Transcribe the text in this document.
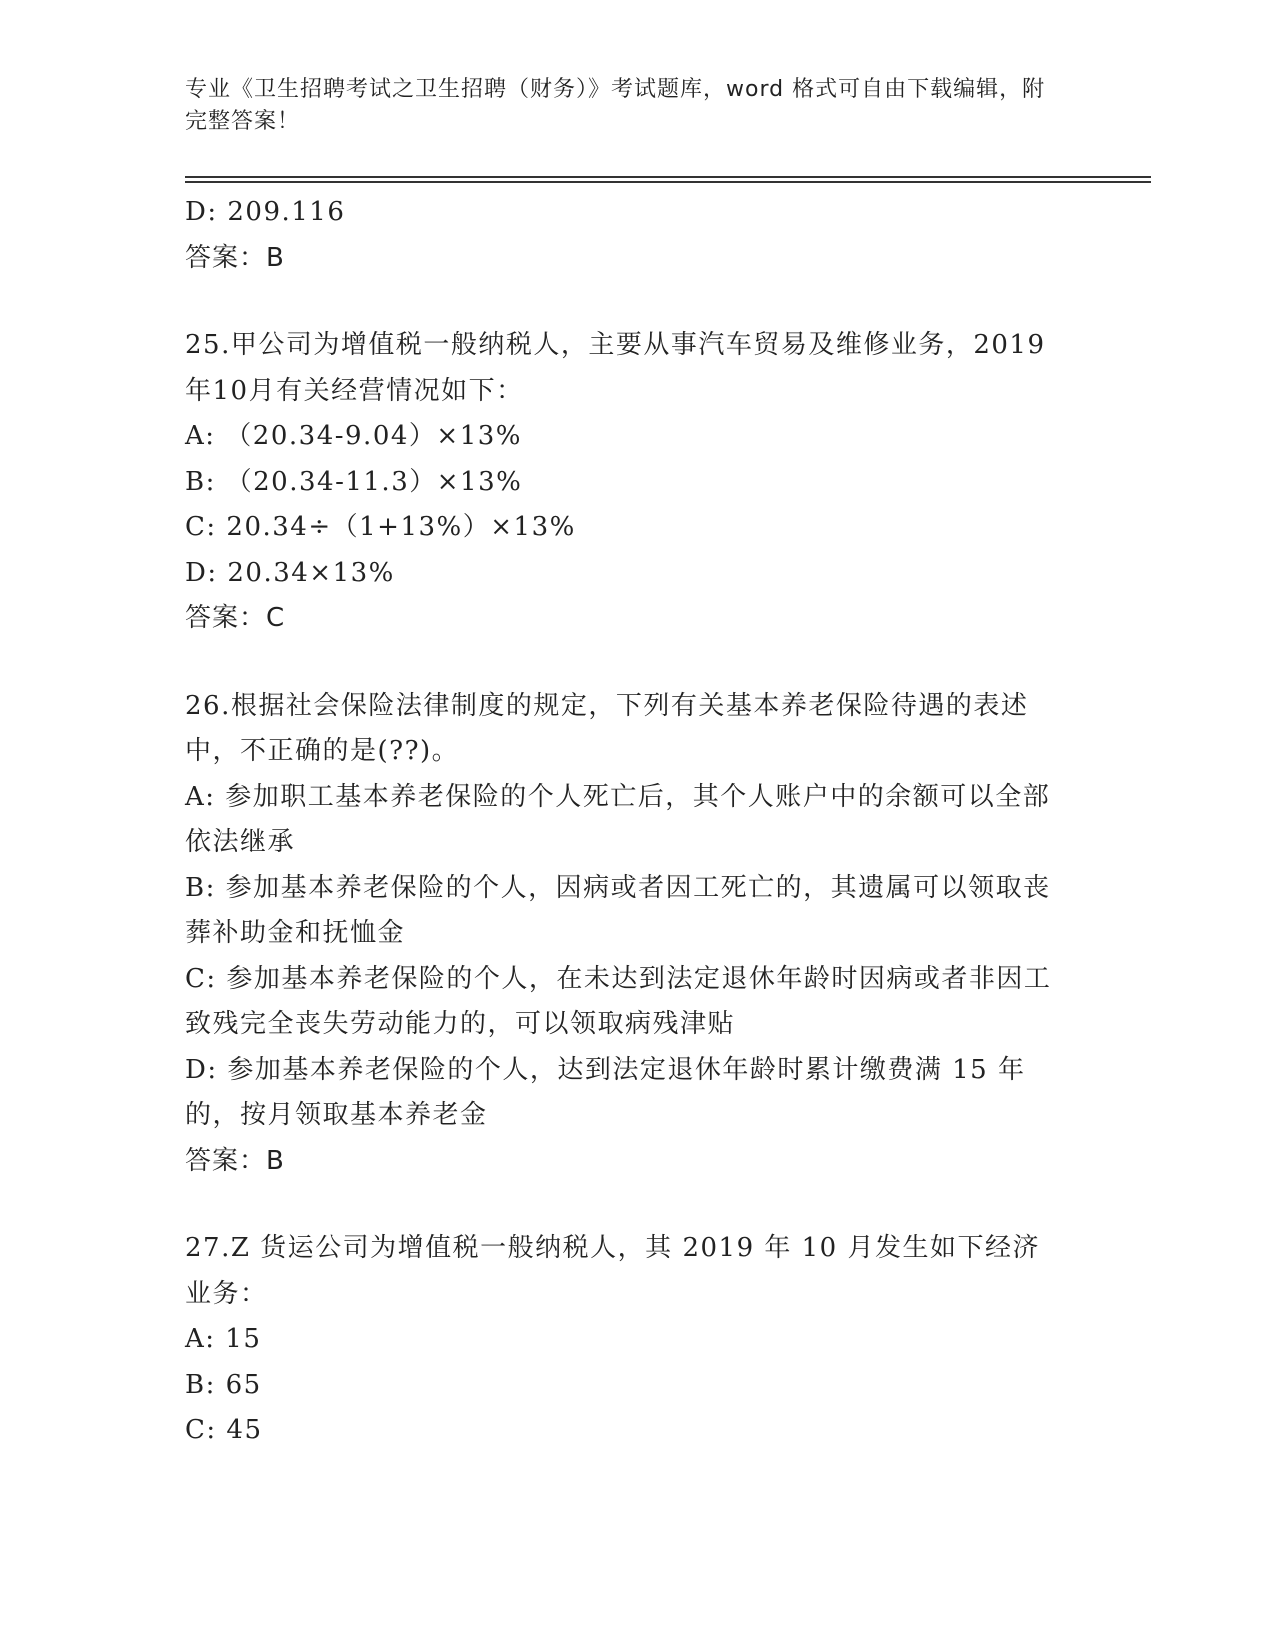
专业《卫生招聘考试之卫生招聘（财务）》考试题库，word 格式可自由下载编辑，附完整答案！
D: 209.116
答案：B
25.甲公司为增值税一般纳税人，主要从事汽车贸易及维修业务，2019年10月有关经营情况如下：
A: （20.34-9.04）×13%
B: （20.34-11.3）×13%
C: 20.34÷（1+13%）×13%
D: 20.34×13%
答案：C
26.根据社会保险法律制度的规定，下列有关基本养老保险待遇的表述中，不正确的是(??)。
A: 参加职工基本养老保险的个人死亡后，其个人账户中的余额可以全部依法继承
B: 参加基本养老保险的个人，因病或者因工死亡的，其遗属可以领取丧葬补助金和抚恤金
C: 参加基本养老保险的个人，在未达到法定退休年龄时因病或者非因工致残完全丧失劳动能力的，可以领取病残津贴
D: 参加基本养老保险的个人，达到法定退休年龄时累计缴费满 15 年的，按月领取基本养老金
答案：B
27.Z 货运公司为增值税一般纳税人，其 2019 年 10 月发生如下经济业务：
A: 15
B: 65
C: 45
